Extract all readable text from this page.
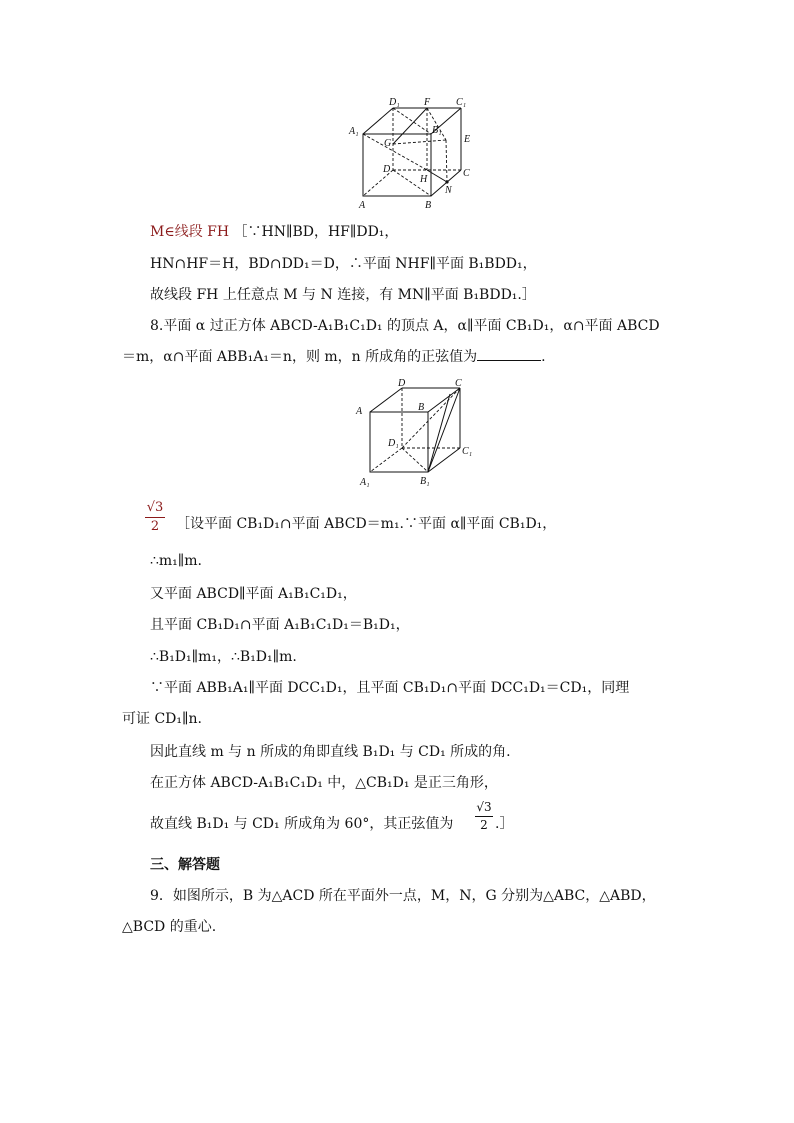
D₁ F	C₁
A₁	B₁
G	E
D
H
C
N
A	B
M∈线段 FH ［∵HN∥BD，HF∥DD₁，
HN∩HF＝H，BD∩DD₁＝D，∴平面 NHF∥平面 B₁BDD₁，
故线段 FH 上任意点 M 与 N 连接，有 MN∥平面 B₁BDD₁.］
8.平面 α 过正方体 ABCD-A₁B₁C₁D₁ 的顶点 A，α∥平面 CB₁D₁，α∩平面 ABCD
＝m，α∩平面 ABB₁A₁＝n，则 m，n 所成角的正弦值为	.
D	C
A	B
D₁
C₁
A₁	B₁
√3
2	［设平面 CB₁D₁∩平面 ABCD＝m₁.∵平面 α∥平面 CB₁D₁，
∴m₁∥m.
又平面 ABCD∥平面 A₁B₁C₁D₁，
且平面 CB₁D₁∩平面 A₁B₁C₁D₁＝B₁D₁，
∴B₁D₁∥m₁，∴B₁D₁∥m.
∵平面 ABB₁A₁∥平面 DCC₁D₁，且平面 CB₁D₁∩平面 DCC₁D₁＝CD₁，同理
可证 CD₁∥n.
因此直线 m 与 n 所成的角即直线 B₁D₁ 与 CD₁ 所成的角.
在正方体 ABCD-A₁B₁C₁D₁ 中，△CB₁D₁ 是正三角形，
故直线 B₁D₁ 与 CD₁ 所成角为 60°，其正弦值为
√3
2 .］
三、解答题
9．如图所示，B 为△ACD 所在平面外一点，M，N，G 分别为△ABC，△ABD，
△BCD 的重心.
